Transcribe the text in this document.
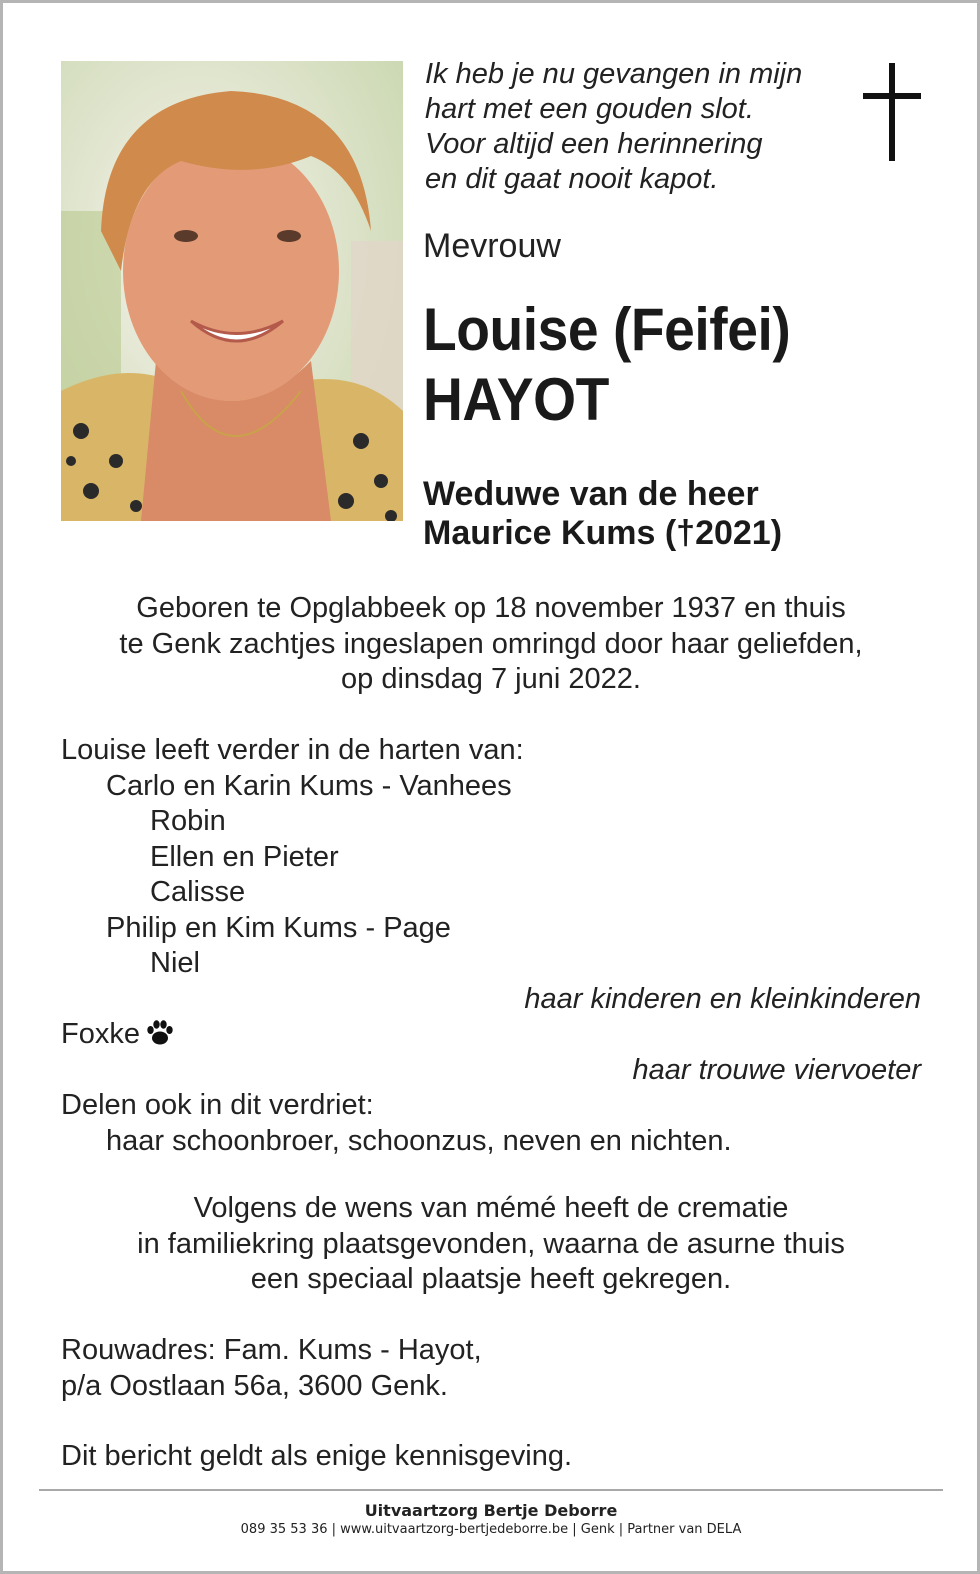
Ik heb je nu gevangen in mijn
hart met een gouden slot.
Voor altijd een herinnering
en dit gaat nooit kapot.
Mevrouw
Louise (Feifei)
HAYOT
Weduwe van de heer
Maurice Kums (†2021)
Geboren te Opglabbeek op 18 november 1937 en thuis
te Genk zachtjes ingeslapen omringd door haar geliefden,
op dinsdag 7 juni 2022.
Louise leeft verder in de harten van:
Carlo en Karin Kums - Vanhees
Robin
Ellen en Pieter
Calisse
Philip en Kim Kums - Page
Niel
haar kinderen en kleinkinderen
Foxke
haar trouwe viervoeter
Delen ook in dit verdriet:
haar schoonbroer, schoonzus, neven en nichten.
Volgens de wens van mémé heeft de crematie
in familiekring plaatsgevonden, waarna de asurne thuis
een speciaal plaatsje heeft gekregen.
Rouwadres: Fam. Kums - Hayot,
p/a Oostlaan 56a, 3600 Genk.
Dit bericht geldt als enige kennisgeving.
Uitvaartzorg Bertje Deborre
089 35 53 36 | www.uitvaartzorg-bertjedeborre.be | Genk | Partner van DELA
